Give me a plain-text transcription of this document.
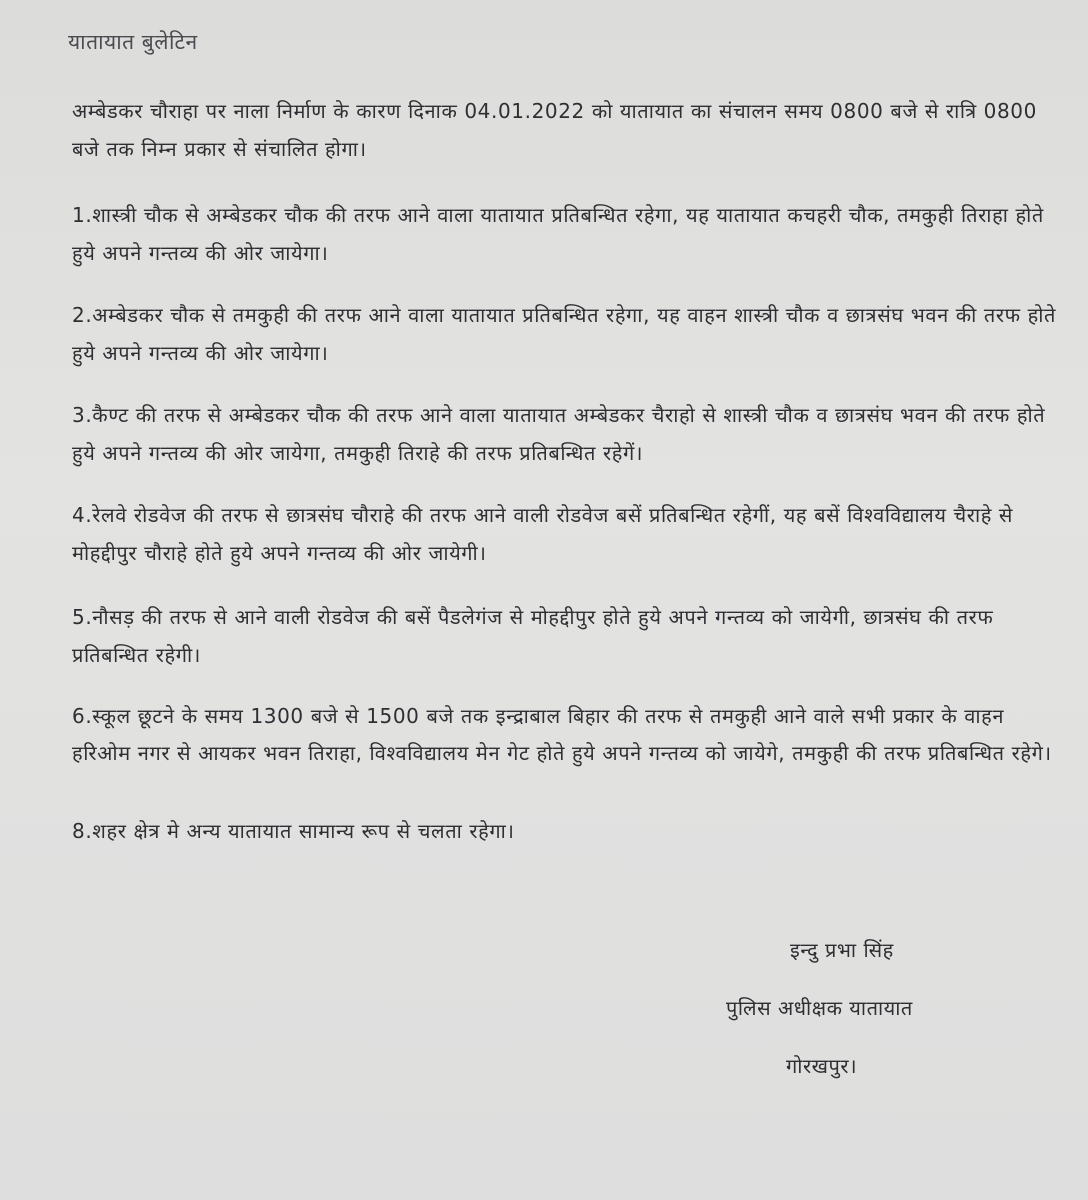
यातायात बुलेटिन

अम्बेडकर चौराहा पर नाला निर्माण के कारण दिनाक 04.01.2022 को यातायात का संचालन समय 0800 बजे से रात्रि 0800 बजे तक निम्न प्रकार से संचालित होगा।

1.शास्त्री चौक से अम्बेडकर चौक की तरफ आने वाला यातायात प्रतिबन्धित रहेगा, यह यातायात कचहरी चौक, तमकुही तिराहा होते हुये अपने गन्तव्य की ओर जायेगा।

2.अम्बेडकर चौक से तमकुही की तरफ आने वाला यातायात प्रतिबन्धित रहेगा, यह वाहन शास्त्री चौक व छात्रसंघ भवन की तरफ होते हुये अपने गन्तव्य की ओर जायेगा।

3.कैण्ट की तरफ से अम्बेडकर चौक की तरफ आने वाला यातायात अम्बेडकर चैराहो से शास्त्री चौक व छात्रसंघ भवन की तरफ होते हुये अपने गन्तव्य की ओर जायेगा, तमकुही तिराहे की तरफ प्रतिबन्धित रहेगें।

4.रेलवे रोडवेज की तरफ से छात्रसंघ चौराहे की तरफ आने वाली रोडवेज बसें प्रतिबन्धित रहेगीं, यह बसें विश्वविद्यालय चैराहे से मोहद्दीपुर चौराहे होते हुये अपने गन्तव्य की ओर जायेगी।

5.नौसड़ की तरफ से आने वाली रोडवेज की बसें पैडलेगंज से मोहद्दीपुर होते हुये अपने गन्तव्य को जायेगी, छात्रसंघ की तरफ प्रतिबन्धित रहेगी।

6.स्कूल छूटने के समय 1300 बजे से 1500 बजे तक इन्द्राबाल बिहार की तरफ से तमकुही आने वाले सभी प्रकार के वाहन हरिओम नगर से आयकर भवन तिराहा, विश्वविद्यालय मेन गेट होते हुये अपने गन्तव्य को जायेगे, तमकुही की तरफ प्रतिबन्धित रहेगे।

8.शहर क्षेत्र मे अन्य यातायात सामान्य रूप से चलता रहेगा।

इन्दु प्रभा सिंह
पुलिस अधीक्षक यातायात
गोरखपुर।
